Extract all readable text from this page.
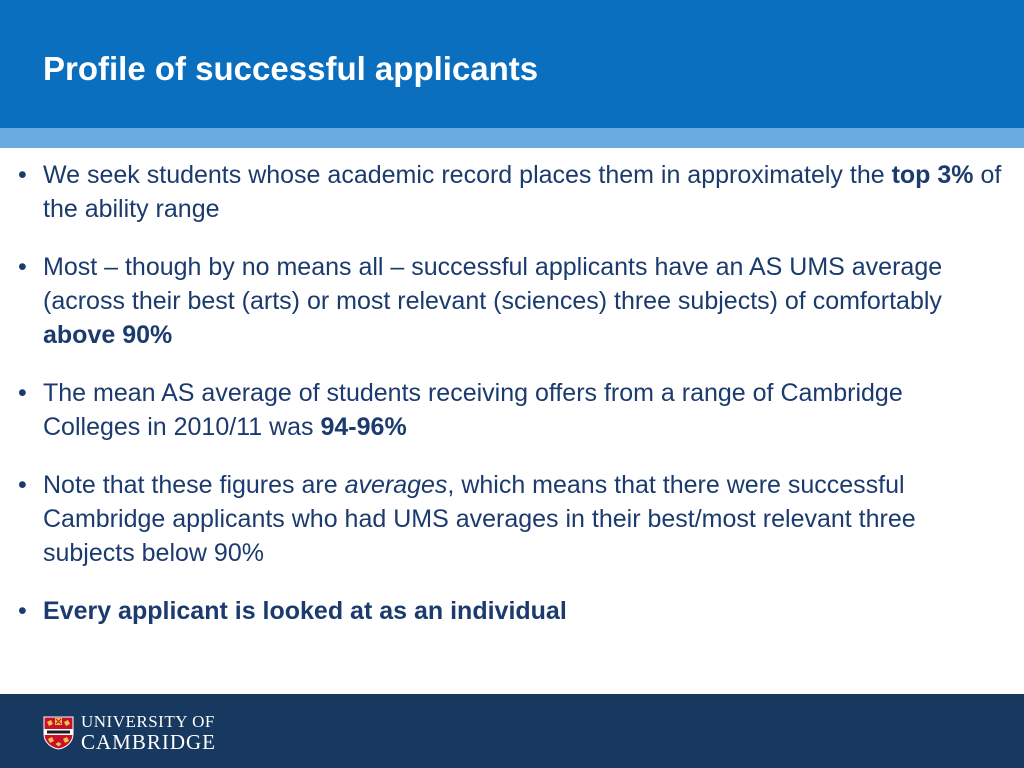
Profile of successful applicants
• We seek students whose academic record places them in approximately the top 3% of the ability range
• Most – though by no means all – successful applicants have an AS UMS average (across their best (arts) or most relevant (sciences) three subjects) of comfortably above 90%
• The mean AS average of students receiving offers from a range of Cambridge Colleges in 2010/11 was 94-96%
• Note that these figures are averages, which means that there were successful Cambridge applicants who had UMS averages in their best/most relevant three subjects below 90%
• Every applicant is looked at as an individual
UNIVERSITY OF
CAMBRIDGE
